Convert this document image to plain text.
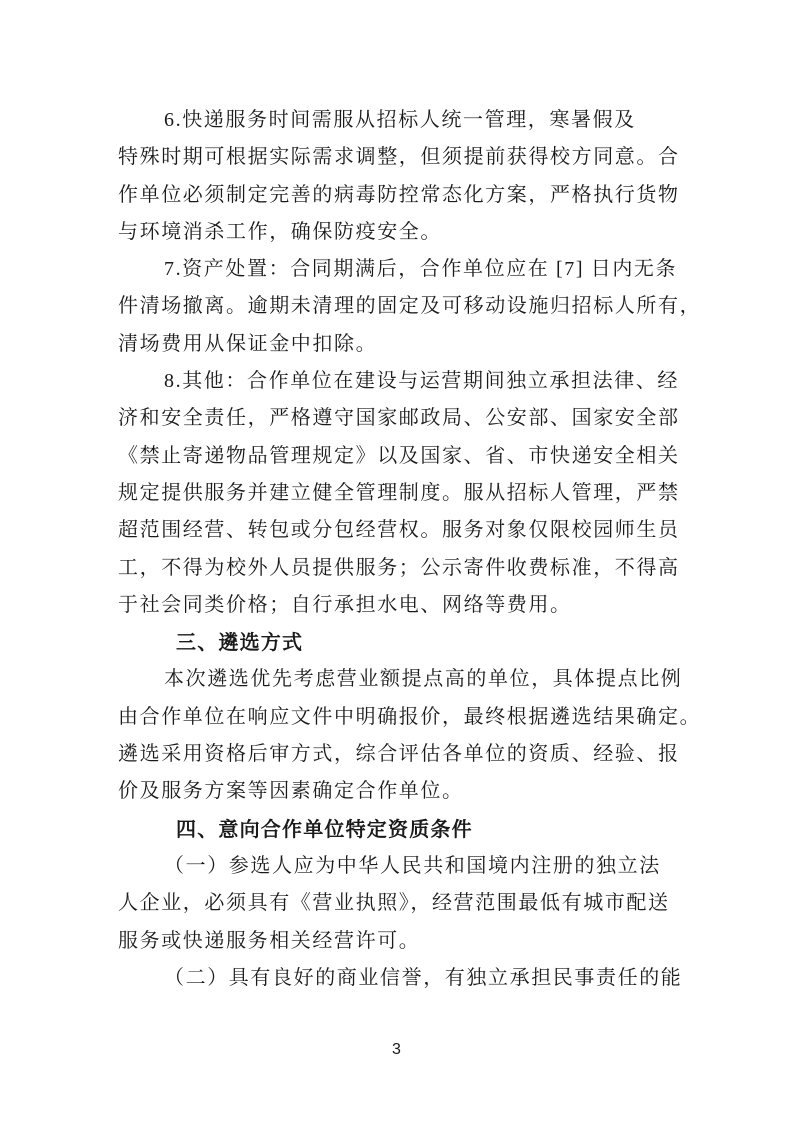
6.快递服务时间需服从招标人统一管理，寒暑假及
特殊时期可根据实际需求调整，但须提前获得校方同意。合
作单位必须制定完善的病毒防控常态化方案，严格执行货物
与环境消杀工作，确保防疫安全。
7.资产处置：合同期满后，合作单位应在 [7] 日内无条
件清场撤离。逾期未清理的固定及可移动设施归招标人所有，
清场费用从保证金中扣除。
8.其他：合作单位在建设与运营期间独立承担法律、经
济和安全责任，严格遵守国家邮政局、公安部、国家安全部
《禁止寄递物品管理规定》以及国家、省、市快递安全相关
规定提供服务并建立健全管理制度。服从招标人管理，严禁
超范围经营、转包或分包经营权。服务对象仅限校园师生员
工，不得为校外人员提供服务；公示寄件收费标准，不得高
于社会同类价格；自行承担水电、网络等费用。
三、遴选方式
本次遴选优先考虑营业额提点高的单位，具体提点比例
由合作单位在响应文件中明确报价，最终根据遴选结果确定。
遴选采用资格后审方式，综合评估各单位的资质、经验、报
价及服务方案等因素确定合作单位。
四、意向合作单位特定资质条件
（一）参选人应为中华人民共和国境内注册的独立法
人企业，必须具有《营业执照》，经营范围最低有城市配送
服务或快递服务相关经营许可。
（二）具有良好的商业信誉，有独立承担民事责任的能
3
